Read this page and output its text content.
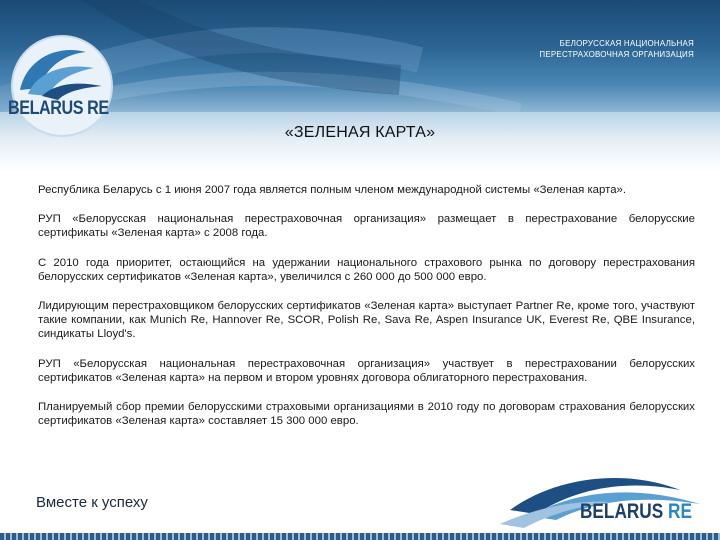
БЕЛОРУССКАЯ НАЦИОНАЛЬНАЯ
ПЕРЕСТРАХОВОЧНАЯ ОРГАНИЗАЦИЯ
BELARUS RE
«ЗЕЛЕНАЯ КАРТА»

Республика Беларусь с 1 июня 2007 года является полным членом международной системы «Зеленая карта».

РУП «Белорусская национальная перестраховочная организация» размещает в перестрахование белорусские сертификаты «Зеленая карта» с 2008 года.

С 2010 года приоритет, остающийся на удержании национального страхового рынка по договору перестрахования белорусских сертификатов «Зеленая карта», увеличился с 260 000 до 500 000 евро.

Лидирующим перестраховщиком белорусских сертификатов «Зеленая карта» выступает Partner Re, кроме того, участвуют такие компании, как Munich Re, Hannover Re, SCOR, Polish Re, Sava Re, Aspen Insurance UK, Everest Re, QBE Insurance, синдикаты Lloyd's.

РУП «Белорусская национальная перестраховочная организация» участвует в перестраховании белорусских сертификатов «Зеленая карта» на первом и втором уровнях договора облигаторного перестрахования.

Планируемый сбор премии белорусскими страховыми организациями в 2010 году по договорам страхования белорусских сертификатов «Зеленая карта» составляет 15 300 000 евро.

Вместе к успеху	BELARUS RE
